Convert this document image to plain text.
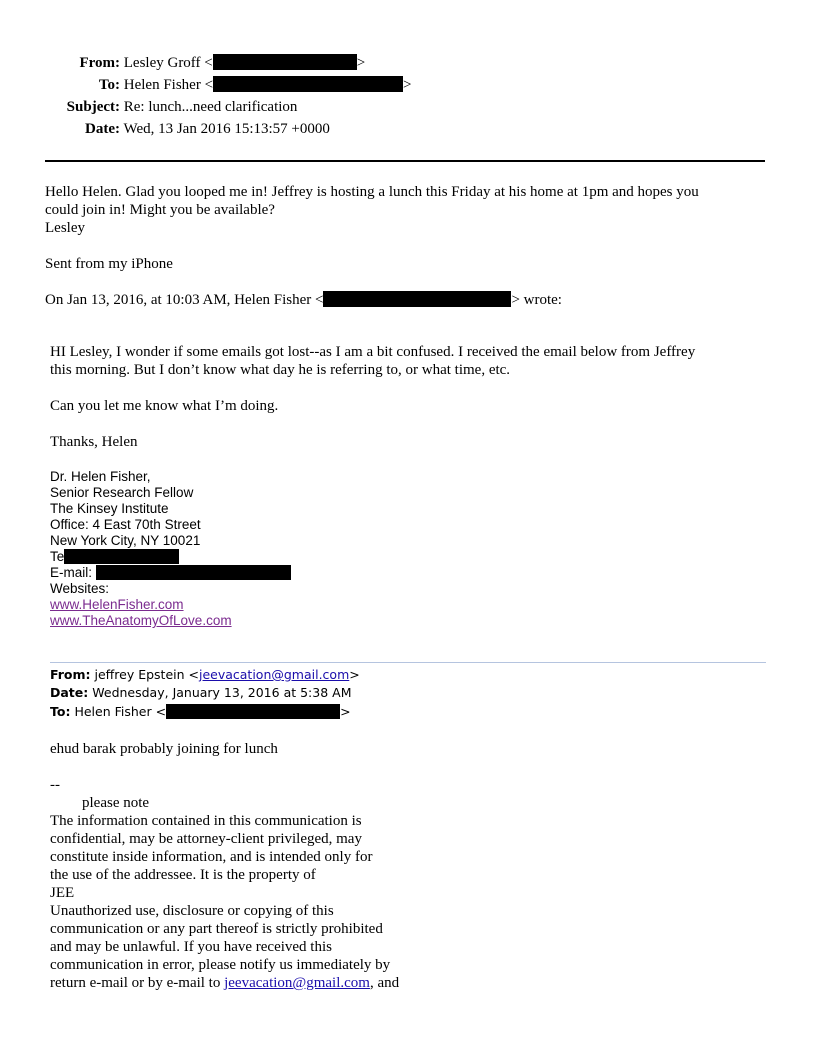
From: Lesley Groff <	>
To: Helen Fisher <	>
Subject: Re: lunch...need clarification
Date: Wed, 13 Jan 2016 15:13:57 +0000
Hello Helen. Glad you looped me in! Jeffrey is hosting a lunch this Friday at his home at 1pm and hopes you
could join in! Might you be available?
Lesley
Sent from my iPhone
On Jan 13, 2016, at 10:03 AM, Helen Fisher <	> wrote:
HI Lesley, I wonder if some emails got lost--as I am a bit confused. I received the email below from Jeffrey
this morning. But I don’t know what day he is referring to, or what time, etc.
Can you let me know what I’m doing.
Thanks, Helen
Dr. Helen Fisher,
Senior Research Fellow
The Kinsey Institute
Office: 4 East 70th Street
New York City, NY 10021
Te
E-mail:
Websites:
www.HelenFisher.com
www.TheAnatomyOfLove.com
From: jeffrey Epstein <jeevacation@gmail.com>
Date: Wednesday, January 13, 2016 at 5:38 AM
To: Helen Fisher <	>
ehud barak probably joining for lunch
--
please note
The information contained in this communication is
confidential, may be attorney-client privileged, may
constitute inside information, and is intended only for
the use of the addressee. It is the property of
JEE
Unauthorized use, disclosure or copying of this
communication or any part thereof is strictly prohibited
and may be unlawful. If you have received this
communication in error, please notify us immediately by
return e-mail or by e-mail to jeevacation@gmail.com, and
